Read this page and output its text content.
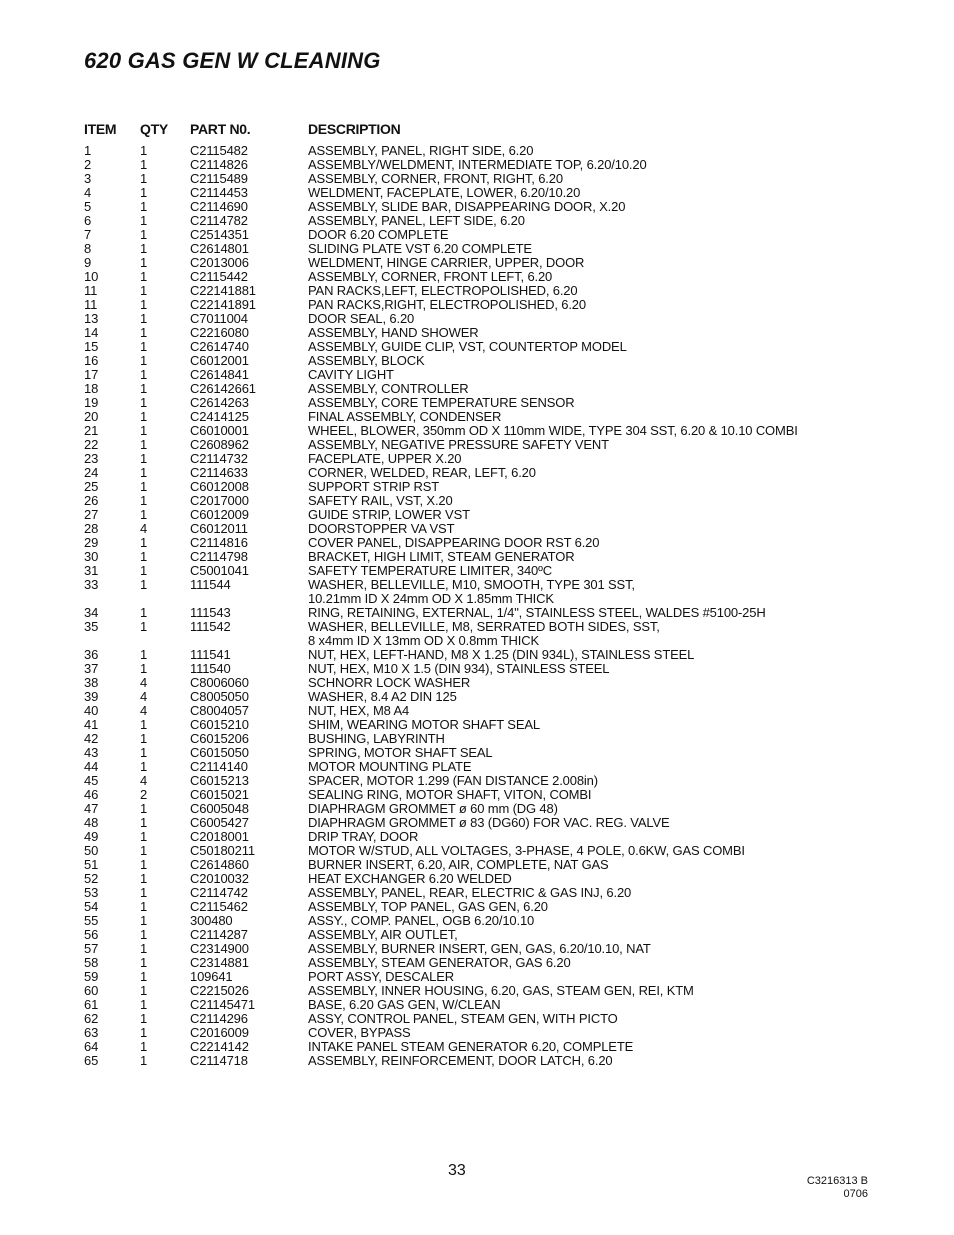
620 GAS GEN W CLEANING
ITEM QTY PART N0.	DESCRIPTION
1	1	C2115482	ASSEMBLY, PANEL, RIGHT SIDE, 6.20
2	1	C2114826	ASSEMBLY/WELDMENT, INTERMEDIATE TOP, 6.20/10.20
3	1	C2115489	ASSEMBLY, CORNER, FRONT, RIGHT, 6.20
4	1	C2114453	WELDMENT, FACEPLATE, LOWER, 6.20/10.20
5	1	C2114690	ASSEMBLY, SLIDE BAR, DISAPPEARING DOOR, X.20
6	1	C2114782	ASSEMBLY, PANEL, LEFT SIDE, 6.20
7	1	C2514351	DOOR 6.20 COMPLETE
8	1	C2614801	SLIDING PLATE VST 6.20 COMPLETE
9	1	C2013006	WELDMENT, HINGE CARRIER, UPPER, DOOR
10	1	C2115442	ASSEMBLY, CORNER, FRONT LEFT, 6.20
11	1	C22141881	PAN RACKS,LEFT, ELECTROPOLISHED, 6.20
11	1	C22141891	PAN RACKS,RIGHT, ELECTROPOLISHED, 6.20
13	1	C7011004	DOOR SEAL, 6.20
14	1	C2216080	ASSEMBLY, HAND SHOWER
15	1	C2614740	ASSEMBLY, GUIDE CLIP, VST, COUNTERTOP MODEL
16	1	C6012001	ASSEMBLY, BLOCK
17	1	C2614841	CAVITY LIGHT
18	1	C26142661	ASSEMBLY, CONTROLLER
19	1	C2614263	ASSEMBLY, CORE TEMPERATURE SENSOR
20	1	C2414125	FINAL ASSEMBLY, CONDENSER
21	1	C6010001	WHEEL, BLOWER, 350mm OD X 110mm WIDE, TYPE 304 SST, 6.20 & 10.10 COMBI
22	1	C2608962	ASSEMBLY, NEGATIVE PRESSURE SAFETY VENT
23	1	C2114732	FACEPLATE, UPPER X.20
24	1	C2114633	CORNER, WELDED, REAR, LEFT, 6.20
25	1	C6012008	SUPPORT STRIP RST
26	1	C2017000	SAFETY RAIL, VST, X.20
27	1	C6012009	GUIDE STRIP, LOWER VST
28	4	C6012011	DOORSTOPPER VA VST
29	1	C2114816	COVER PANEL, DISAPPEARING DOOR RST 6.20
30	1	C2114798	BRACKET, HIGH LIMIT, STEAM GENERATOR
31	1	C5001041	SAFETY TEMPERATURE LIMITER, 340ºC
33	1	111544	WASHER, BELLEVILLE, M10, SMOOTH, TYPE 301 SST,
10.21mm ID X 24mm OD X 1.85mm THICK
34	1	111543	RING, RETAINING, EXTERNAL, 1/4", STAINLESS STEEL, WALDES #5100-25H
35	1	111542	WASHER, BELLEVILLE, M8, SERRATED BOTH SIDES, SST,
8 x4mm ID X 13mm OD X 0.8mm THICK
36	1	111541	NUT, HEX, LEFT-HAND, M8 X 1.25 (DIN 934L), STAINLESS STEEL
37	1	111540	NUT, HEX, M10 X 1.5 (DIN 934), STAINLESS STEEL
38	4	C8006060	SCHNORR LOCK WASHER
39	4	C8005050	WASHER, 8.4 A2 DIN 125
40	4	C8004057	NUT, HEX, M8 A4
41	1	C6015210	SHIM, WEARING MOTOR SHAFT SEAL
42	1	C6015206	BUSHING, LABYRINTH
43	1	C6015050	SPRING, MOTOR SHAFT SEAL
44	1	C2114140	MOTOR MOUNTING PLATE
45	4	C6015213	SPACER, MOTOR 1.299 (FAN DISTANCE 2.008in)
46	2	C6015021	SEALING RING, MOTOR SHAFT, VITON, COMBI
47	1	C6005048	DIAPHRAGM GROMMET ø 60 mm (DG 48)
48	1	C6005427	DIAPHRAGM GROMMET ø 83 (DG60) FOR VAC. REG. VALVE
49	1	C2018001	DRIP TRAY, DOOR
50	1	C50180211	MOTOR W/STUD, ALL VOLTAGES, 3-PHASE, 4 POLE, 0.6KW, GAS COMBI
51	1	C2614860	BURNER INSERT, 6.20, AIR, COMPLETE, NAT GAS
52	1	C2010032	HEAT EXCHANGER 6.20 WELDED
53	1	C2114742	ASSEMBLY, PANEL, REAR, ELECTRIC & GAS INJ, 6.20
54	1	C2115462	ASSEMBLY, TOP PANEL, GAS GEN, 6.20
55	1	300480	ASSY., COMP. PANEL, OGB 6.20/10.10
56	1	C2114287	ASSEMBLY, AIR OUTLET,
57	1	C2314900	ASSEMBLY, BURNER INSERT, GEN, GAS, 6.20/10.10, NAT
58	1	C2314881	ASSEMBLY, STEAM GENERATOR, GAS 6.20
59	1	109641	PORT ASSY, DESCALER
60	1	C2215026	ASSEMBLY, INNER HOUSING, 6.20, GAS, STEAM GEN, REI, KTM
61	1	C21145471	BASE, 6.20 GAS GEN, W/CLEAN
62	1	C2114296	ASSY, CONTROL PANEL, STEAM GEN, WITH PICTO
63	1	C2016009	COVER, BYPASS
64	1	C2214142	INTAKE PANEL STEAM GENERATOR 6.20, COMPLETE
65	1	C2114718	ASSEMBLY, REINFORCEMENT, DOOR LATCH, 6.20
33
C3216313 B
0706
